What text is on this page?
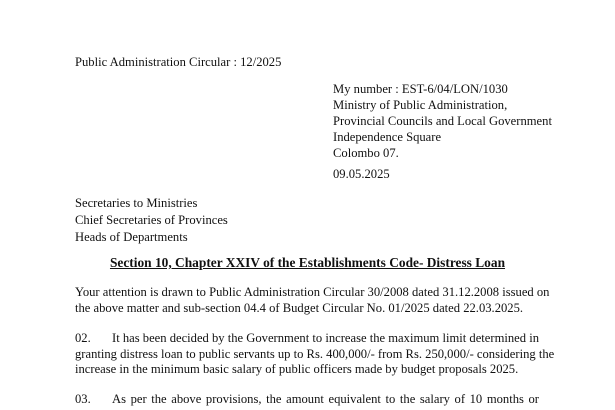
Public Administration Circular : 12/2025
My number : EST-6/04/LON/1030
Ministry of Public Administration,
Provincial Councils and Local Government
Independence Square
Colombo 07.
09.05.2025
Secretaries to Ministries
Chief Secretaries of Provinces
Heads of Departments
Section 10, Chapter XXIV of the Establishments Code- Distress Loan
Your attention is drawn to Public Administration Circular 30/2008 dated 31.12.2008 issued on
the above matter and sub-section 04.4 of Budget Circular No. 01/2025 dated 22.03.2025.
02. It has been decided by the Government to increase the maximum limit determined in
granting distress loan to public servants up to Rs. 400,000/- from Rs. 250,000/- considering the
increase in the minimum basic salary of public officers made by budget proposals 2025.
03. As per the above provisions, the amount equivalent to the salary of 10 months or
